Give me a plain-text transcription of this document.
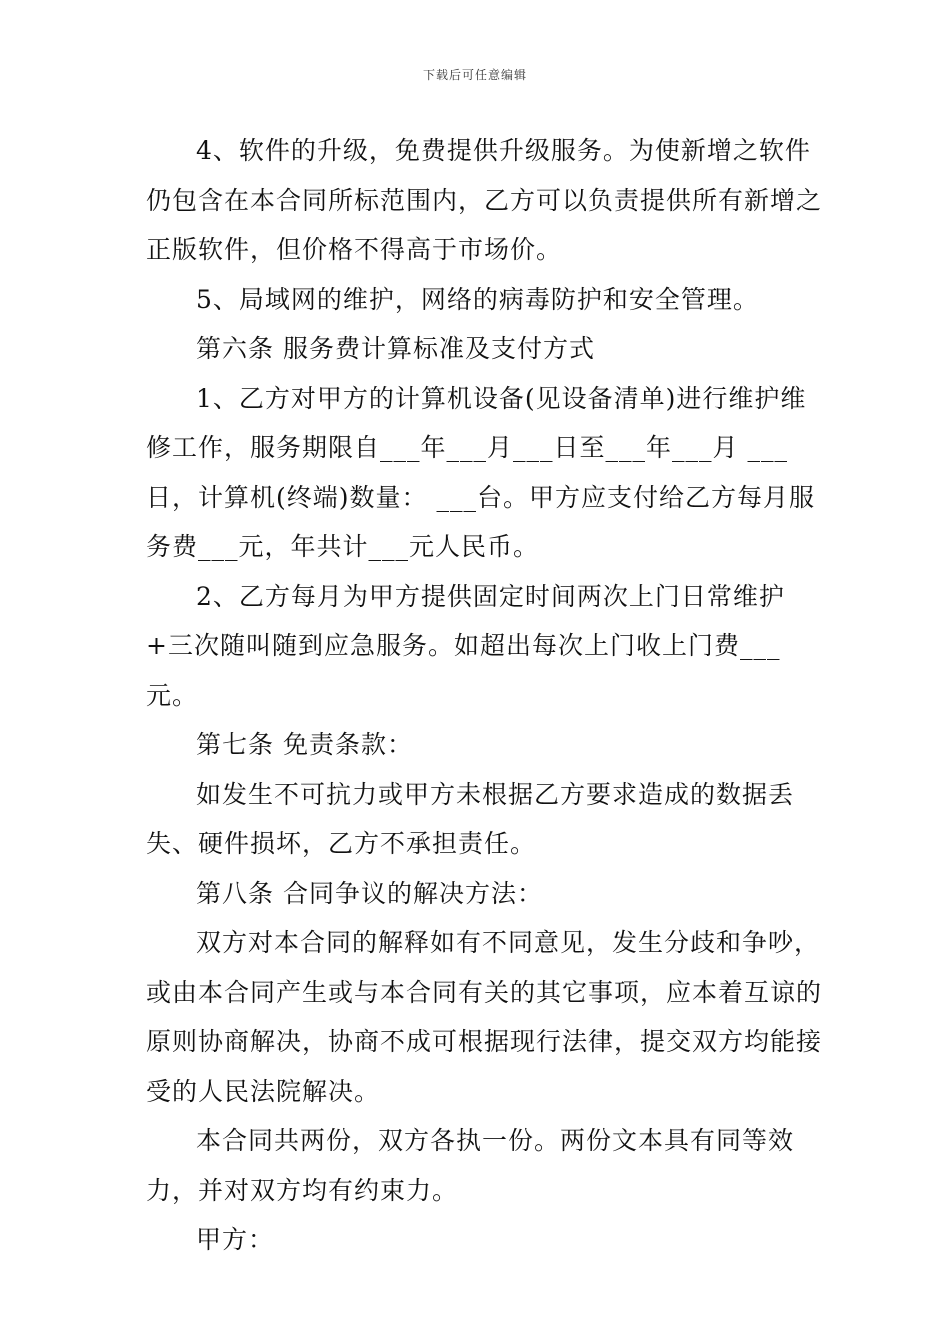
下载后可任意编辑

4、软件的升级，免费提供升级服务。为使新增之软件仍包含在本合同所标范围内，乙方可以负责提供所有新增之正版软件，但价格不得高于市场价。

5、局域网的维护，网络的病毒防护和安全管理。

第六条 服务费计算标准及支付方式

1、乙方对甲方的计算机设备(见设备清单)进行维护维修工作，服务期限自___年___月___日至___年___月 ___日，计算机(终端)数量： ___台。甲方应支付给乙方每月服务费___元，年共计___元人民币。

2、乙方每月为甲方提供固定时间两次上门日常维护+三次随叫随到应急服务。如超出每次上门收上门费___元。

第七条 免责条款：

如发生不可抗力或甲方未根据乙方要求造成的数据丢失、硬件损坏，乙方不承担责任。

第八条 合同争议的解决方法：

双方对本合同的解释如有不同意见，发生分歧和争吵，或由本合同产生或与本合同有关的其它事项，应本着互谅的原则协商解决，协商不成可根据现行法律，提交双方均能接受的人民法院解决。

本合同共两份，双方各执一份。两份文本具有同等效力，并对双方均有约束力。

甲方：
